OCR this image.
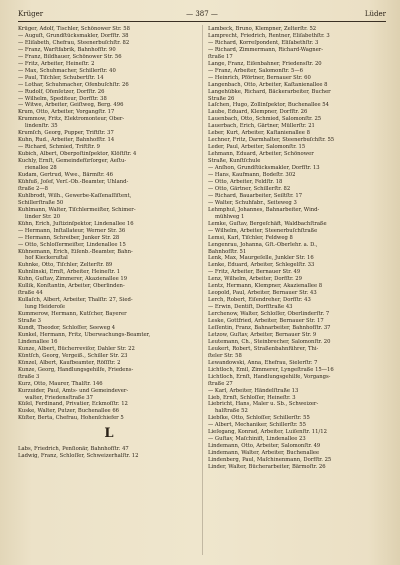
Krüger	— 387 —	Lüder

Krüger, Adolf, Tischler, Schönower Str. 58

— Auguſt, Grundſtücksmakler, Dorfſtr. 38

— Eliſabeth, Chefrau, Steenerbuſchſtr. 82

— Franz, Warſtfabrik, Bahnhofſtr. 90

— Franz, Bildhauer, Schönower Str. 56

— Fritz, Arbeiter, Heineſtr. 2

— Max, Schuhmacher, Schillerſtr. 40

— Paul, Tiſchler, Schubertſtr. 14

— Lothar, Schuhmacher, Ofenbuſchſtr. 26

— Rudolf, Ofenſetzer, Dorfſtr. 26

— Wilhelm, Spediteur, Dorfſtr. 38

— Witwe, Arbeiter, Geiſtweg, Berg. 496

Krum, Otto, Arbeiter, Vorgangſtr. 17

Krummow, Fritz, Elektromonteur, Ober-

lindenſtr. 35

Krumſch, Georg, Pupper, Triftſtr. 37

Kuhn, Rud., Arbeiter, Bahnhofſtr. 14

— Richard, Schmied, Triftſtr. 9

Kubich, Albert, Oberpoſtinſpektor, Klöſtſtr. 4

Kuchly, Ernſt, Gemeindefürſorger, Aeſtu-

rienallee 28

Kudam, Gertrud, Wwe., Bärmſtr. 46

Kühfuß, Joſef, Verſ.-Ob.-Beamter, Uhland-

ſtraße 2—8

Kuhlbrodt, Wilh., Gewerbe-Kaſſenaſſiſtent,

Schillerſtraße 50

Kuhlmann, Walter, Tiſchlermeiſter, Schimer-

linder Str. 20

Kühn, Erich, Juſtizinſpektor, Lindenallee 16

— Hermann, Inſtallateur, Werner Str. 36

— Hermann, Schreiber, Junker Str. 28

— Otto, Schloſſermeiſter, Lindenallee 15

Kühnemann, Erich, Eiſenb.-Beamter, Bahn-

hof Kieckeruſtal

Kuhnke, Otto, Tiſchler, Zelterſtr. 89

Kuhnlinski, Ernſt, Arbeiter, Heineſtr. 1

Kuhn, Guſtav, Zimmerer, Akazienallee 19

Kullik, Konſtantin, Arbeiter, Oberlinden-

ſtraße 44

Kullaſch, Albert, Arbeiter, Thalſtr. 27, Sied-

lung Heideroſe

Kummerow, Hermann, Kutſcher, Bayerer

Straße 3

Kundt, Theodor, Schloſſer, Seeweg 4

Kunkel, Hermann, Fritz, Überwachungs-Beamter,

Lindenallee 16

Kunze, Albert, Bücherreviſor, Dahler Str. 22

Küntſch, Georg, Vergeiß., Schiller Str. 23

Künzel, Albert, Kaufbeamter, Röſſſtr. 2

Kunze, Georg, Handlungsgehilfe, Friedens-

ſtraße 3

Kurz, Otto, Maurer, Thalſtr. 146

Kurzuider, Paul, Amts- und Gemeindever-

walter, Friedensſtraße 37

Küſel, Ferdinand, Privatier, Eckmoſſtr. 12

Kuske, Walter, Putzer, Buchenallee 66

Küſter, Berta, Chefrau, Hohenſchiefer 5

L

Labs, Friedrich, Penſionär, Bahnhofſtr. 47

Ladwig, Franz, Schloſſer, Schweizerhalſtr. 12

Lambeck, Bruno, Klempner, Zelterſtr. 52

Lamprecht, Friedrich, Rentner, Eliſabethſtr. 3

— Richard, Korreſpondent, Eliſabethſtr. 3

— Richard, Zimmermann, Richard-Wagner-

ſtraße 17

Lange, Franz, Eiſenbahner, Friedensſtr. 20

— Franz, Arbeiter, Salomonſtr. 5—6

— Heinrich, Pförtner, Bernauer Str. 60

Langenbach, Otto, Arbeiter, Kaſtanienallee 8

Langehübke, Richard, Bäckerarbeiter, Bucher

Straße 26

Laſchen, Hugo, Zollinſpektor, Buchenallee 54

Laube, Eduard, Klempner, Dorfſtr. 26

Lauenbach, Otto, Schmied, Salomonſtr. 25

Lauerbach, Erich, Gärtner, Müllerſtr. 21

Leber, Kurt, Arbeiter, Kaſtanienallee 8

Lechner, Fritz, Darmhalter, Steenerbuſchſtr. 55

Leder, Paul, Arbeiter, Salomonſtr. 15

Lehmann, Eduard, Arbeiter, Schönower

Straße, Kunſtſchule

— Anſhon, Grundſtücksmakler, Dorfſtr. 13

— Hans, Kaufmann, Bodeſtr. 302

— Otto, Arbeiter, Feldſtr. 18

— Otto, Gärtner, Schillerſtr. 82

— Richard, Bauarbeiter, Seiltſtr. 17

— Walter, Schuhfabr., Seiteweg 3

Lehmphul, Johannes, Bahnarbeiter, Wind-

mühlweg 1

Lemke, Guſtav, Bergeſchäft, Waldbachſtraße

— Wilhelm, Arbeiter, Steenerbuſchſtraße

Lemsi, Karl, Tiſchler, Feldweg 8

Lengenrau, Johanna, Gſt.-Oberlehr. a. D.,

Bahnhofſtr. 51

Lenk, Max, Maurgeſelle, Junkler Str. 16

Lenke, Eduard, Arbeiter, Schlegelſtr. 33

— Fritz, Arbeiter, Bernauer Str. 49

Lenz, Wilhelm, Arbeiter, Dorfſtr. 29

Lentz, Hermann, Klempner, Akazienallee 8

Leopold, Paul, Arbeiter, Bernauer Str. 43

Lerch, Robert, Eiſendreher, Dorfſtr. 43

— Erwin, Dentiſt, Dorfſtraße 43

Lerchenow, Walter, Schloſſer, Oberlinderſtr. 7

Leske, Gottfried, Arbeiter, Bernauer Str. 17

Leſſentin, Franz, Bahnarbeiter, Bahnhofſtr. 37

Letzow, Guſtav, Arbeiter, Bernauer Str. 9

Leutemann, Ch., Steinbrecher, Salomonſtr. 20

Leukert, Robert, Straßenbahnführer, Thi-

ſteler Str. 58

Lewandowski, Anna, Ehefrau, Sielerſtr. 7

Lichtloch, Emil, Zimmerer, Lyngeſtraße 15—16

Lichtloch, Ernſt, Handlungsgehilfe, Vorgangs-

ſtraße 27

— Karl, Arbeiter, Händelſtraße 13

Lieb, Ernſt, Schloſſer, Heineſtr. 3

Liebricht, Hans, Maler u. Sb., Schweizer-

halſtraße 52

Liebſke, Otto, Schloſſer, Schillerſtr. 55

— Albert, Mechaniker, Schillerſtr. 55

Lieſegang, Konrad, Arbeiter, Luiſenſtr. 11/12

— Guſtav, Maſchiniſt, Lindenallee 23

Lindemann, Otto, Arbeiter, Salomonſtr. 49

Lindemann, Walter, Arbeiter, Buchenallee

Lindenberg, Paul, Maſchinenmann, Dorfſtr. 25

Linder, Walter, Bücherarbeiter, Bärmoſtr. 26
